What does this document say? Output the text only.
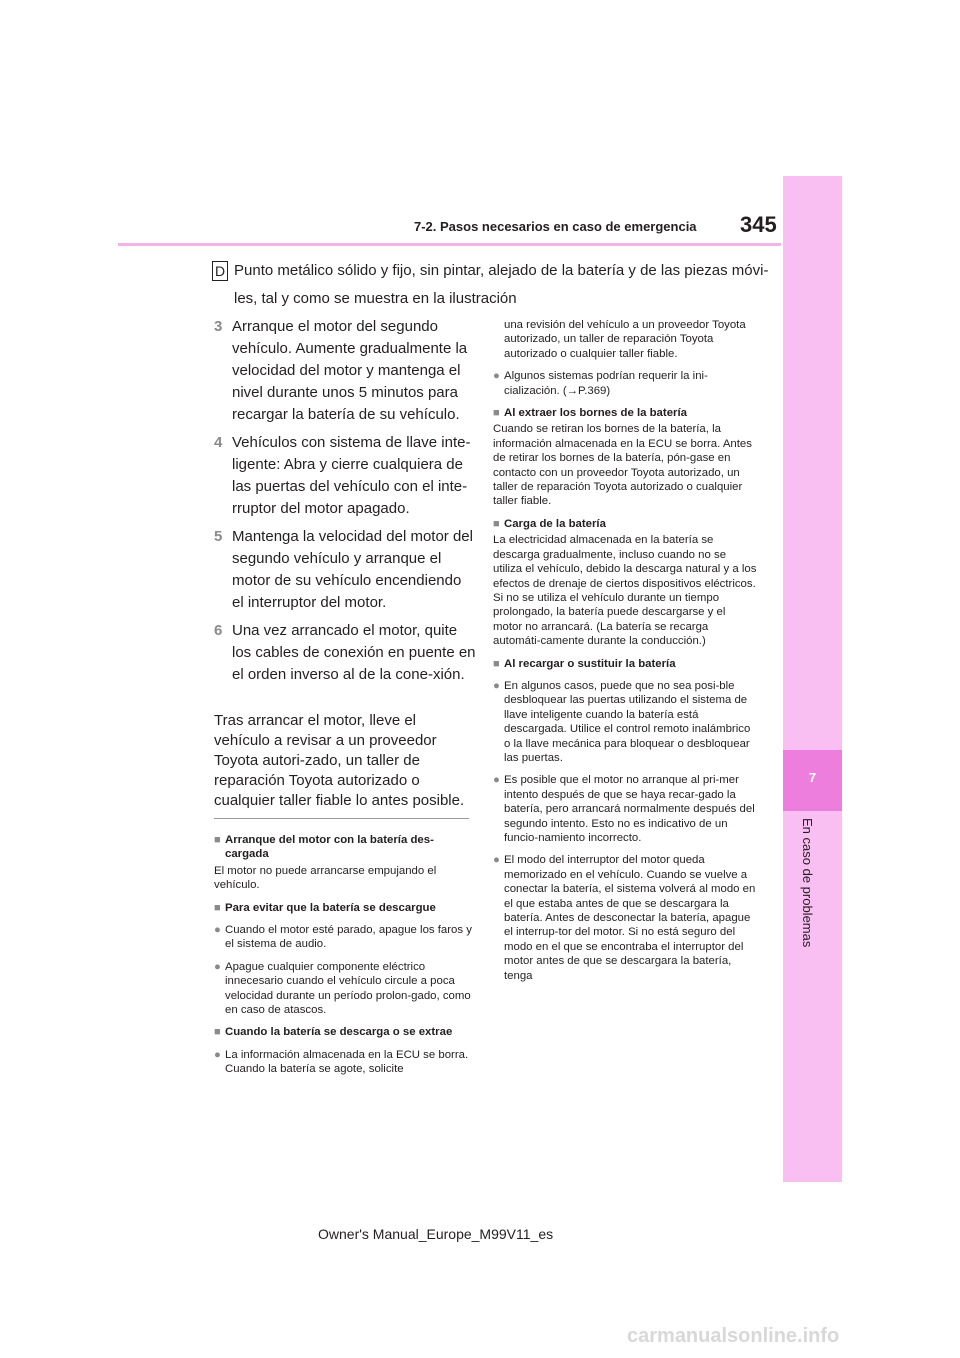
7
En caso de problemas
7-2. Pasos necesarios en caso de emergencia 345
D Punto metálico sólido y fijo, sin pintar, alejado de la batería y de las piezas móvi-
les, tal y como se muestra en la ilustración
3 Arranque el motor del segundo vehículo. Aumente gradualmente la velocidad del motor y mantenga el nivel durante unos 5 minutos para recargar la batería de su vehículo.
4 Vehículos con sistema de llave inte-ligente: Abra y cierre cualquiera de las puertas del vehículo con el inte-rruptor del motor apagado.
5 Mantenga la velocidad del motor del segundo vehículo y arranque el motor de su vehículo encendiendo el interruptor del motor.
6 Una vez arrancado el motor, quite los cables de conexión en puente en el orden inverso al de la cone-xión.
Tras arrancar el motor, lleve el vehículo a revisar a un proveedor Toyota autori-zado, un taller de reparación Toyota autorizado o cualquier taller fiable lo antes posible.
■ Arranque del motor con la batería des-cargada
El motor no puede arrancarse empujando el vehículo.
■ Para evitar que la batería se descargue
● Cuando el motor esté parado, apague los faros y el sistema de audio.
● Apague cualquier componente eléctrico innecesario cuando el vehículo circule a poca velocidad durante un período prolon-gado, como en caso de atascos.
■ Cuando la batería se descarga o se extrae
● La información almacenada en la ECU se borra. Cuando la batería se agote, solicite
una revisión del vehículo a un proveedor Toyota autorizado, un taller de reparación Toyota autorizado o cualquier taller fiable.
● Algunos sistemas podrían requerir la ini-cialización. (→P.369)
■ Al extraer los bornes de la batería
Cuando se retiran los bornes de la batería, la información almacenada en la ECU se borra. Antes de retirar los bornes de la batería, pón-gase en contacto con un proveedor Toyota autorizado, un taller de reparación Toyota autorizado o cualquier taller fiable.
■ Carga de la batería
La electricidad almacenada en la batería se descarga gradualmente, incluso cuando no se utiliza el vehículo, debido la descarga natural y a los efectos de drenaje de ciertos dispositivos eléctricos. Si no se utiliza el vehículo durante un tiempo prolongado, la batería puede descargarse y el motor no arrancará. (La batería se recarga automáti-camente durante la conducción.)
■ Al recargar o sustituir la batería
● En algunos casos, puede que no sea posi-ble desbloquear las puertas utilizando el sistema de llave inteligente cuando la batería está descargada. Utilice el control remoto inalámbrico o la llave mecánica para bloquear o desbloquear las puertas.
● Es posible que el motor no arranque al pri-mer intento después de que se haya recar-gado la batería, pero arrancará normalmente después del segundo intento. Esto no es indicativo de un funcio-namiento incorrecto.
● El modo del interruptor del motor queda memorizado en el vehículo. Cuando se vuelve a conectar la batería, el sistema volverá al modo en el que estaba antes de que se descargara la batería. Antes de desconectar la batería, apague el interrup-tor del motor. Si no está seguro del modo en el que se encontraba el interruptor del motor antes de que se descargara la batería, tenga
Owner's Manual_Europe_M99V11_es
carmanualsonline.info
